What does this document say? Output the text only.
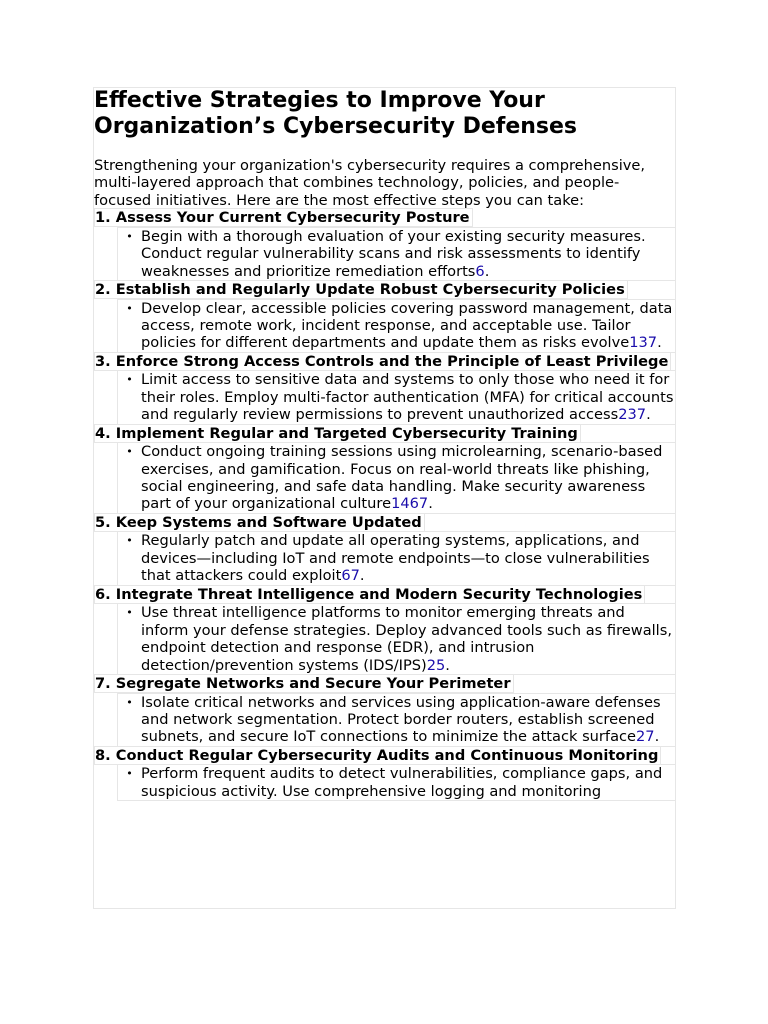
Effective Strategies to Improve Your Organization’s Cybersecurity Defenses

Strengthening your organization's cybersecurity requires a comprehensive, multi-layered approach that combines technology, policies, and people-focused initiatives. Here are the most effective steps you can take:

1. Assess Your Current Cybersecurity Posture
• Begin with a thorough evaluation of your existing security measures. Conduct regular vulnerability scans and risk assessments to identify weaknesses and prioritize remediation efforts6.
2. Establish and Regularly Update Robust Cybersecurity Policies
• Develop clear, accessible policies covering password management, data access, remote work, incident response, and acceptable use. Tailor policies for different departments and update them as risks evolve137.
3. Enforce Strong Access Controls and the Principle of Least Privilege
• Limit access to sensitive data and systems to only those who need it for their roles. Employ multi-factor authentication (MFA) for critical accounts and regularly review permissions to prevent unauthorized access237.
4. Implement Regular and Targeted Cybersecurity Training
• Conduct ongoing training sessions using microlearning, scenario-based exercises, and gamification. Focus on real-world threats like phishing, social engineering, and safe data handling. Make security awareness part of your organizational culture1467.
5. Keep Systems and Software Updated
• Regularly patch and update all operating systems, applications, and devices—including IoT and remote endpoints—to close vulnerabilities that attackers could exploit67.
6. Integrate Threat Intelligence and Modern Security Technologies
• Use threat intelligence platforms to monitor emerging threats and inform your defense strategies. Deploy advanced tools such as firewalls, endpoint detection and response (EDR), and intrusion detection/prevention systems (IDS/IPS)25.
7. Segregate Networks and Secure Your Perimeter
• Isolate critical networks and services using application-aware defenses and network segmentation. Protect border routers, establish screened subnets, and secure IoT connections to minimize the attack surface27.
8. Conduct Regular Cybersecurity Audits and Continuous Monitoring
• Perform frequent audits to detect vulnerabilities, compliance gaps, and suspicious activity. Use comprehensive logging and monitoring
